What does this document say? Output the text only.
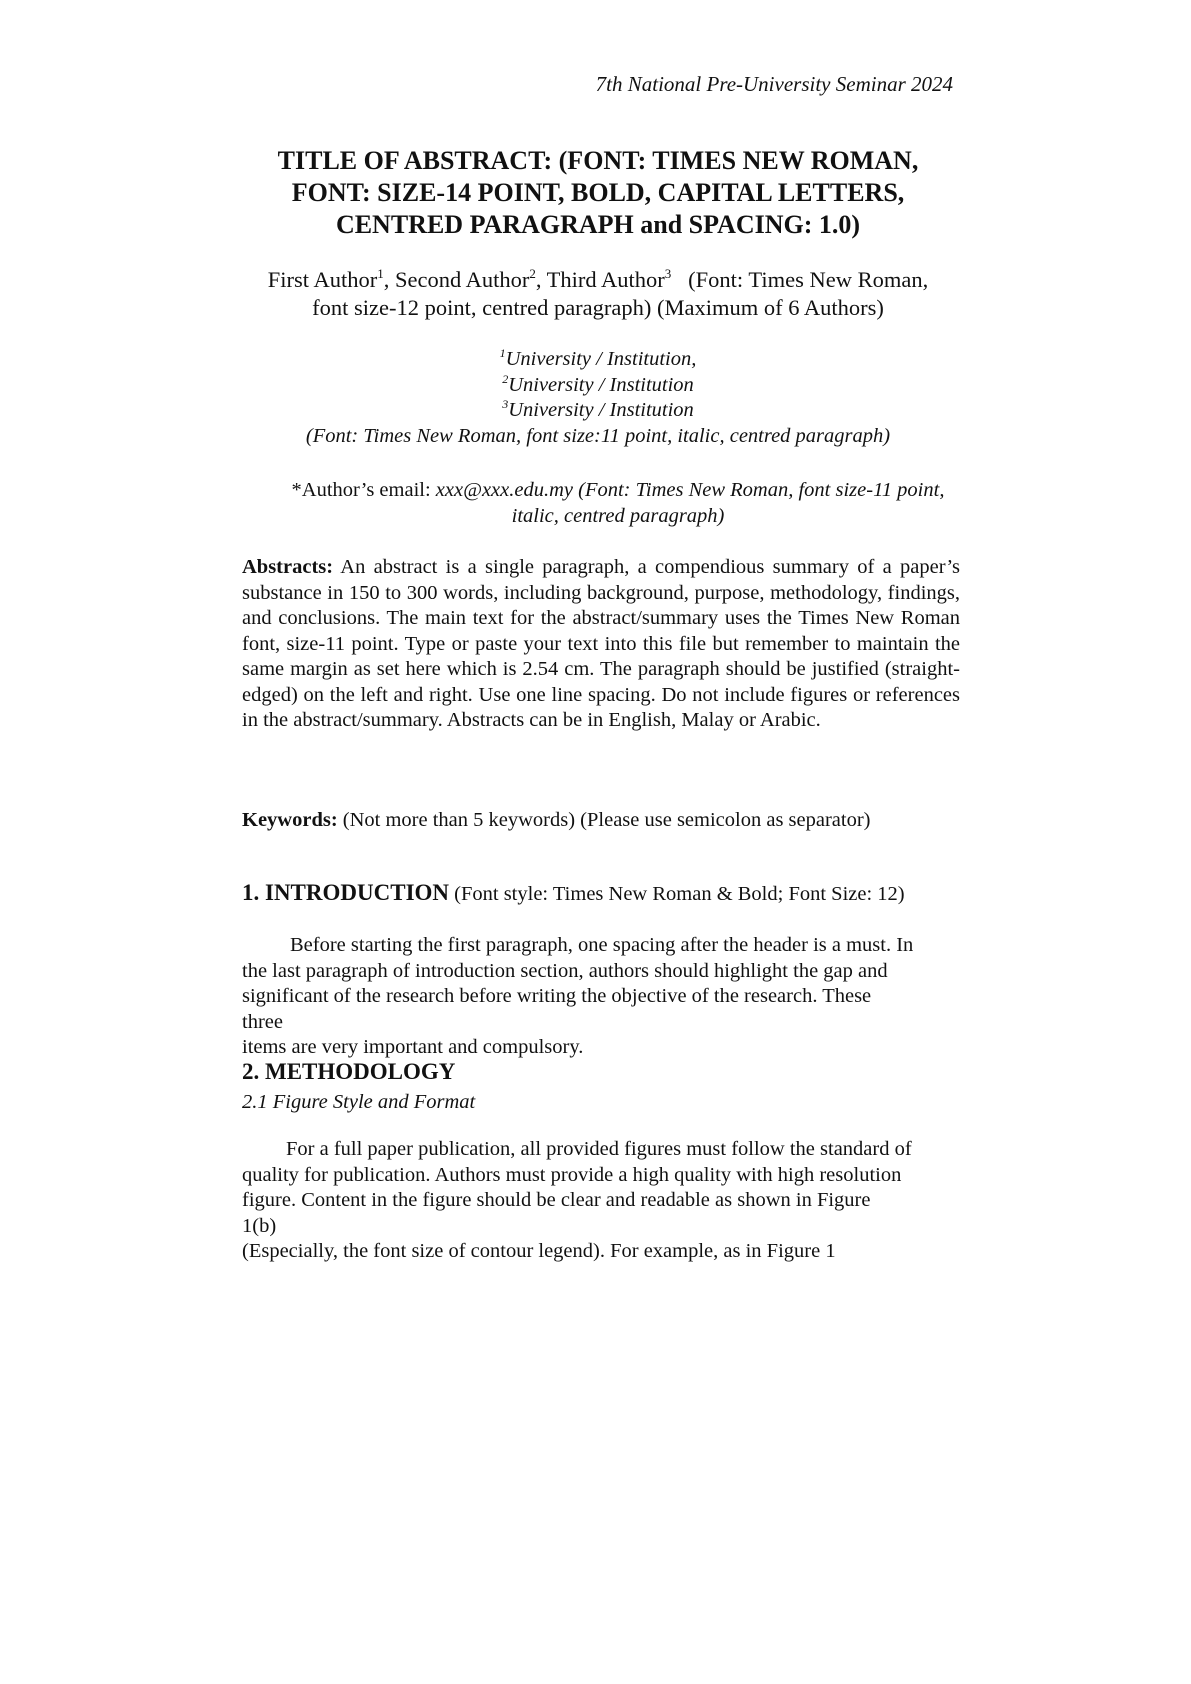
7th National Pre-University Seminar 2024
TITLE OF ABSTRACT: (FONT: TIMES NEW ROMAN,
FONT: SIZE-14 POINT, BOLD, CAPITAL LETTERS,
CENTRED PARAGRAPH and SPACING: 1.0)
First Author$^1$, Second Author$^2$, Third Author$^3$ (Font: Times New Roman,
font size-12 point, centred paragraph) (Maximum of 6 Authors)
$^1$University / Institution,
$^2$University / Institution
$^3$University / Institution
(Font: Times New Roman, font size:11 point, italic, centred paragraph)
*Author’s email: xxx@xxx.edu.my (Font: Times New Roman, font size-11 point,
italic, centred paragraph)
Abstracts: An abstract is a single paragraph, a compendious summary of a paper’s substance in 150 to 300 words, including background, purpose, methodology, findings, and conclusions. The main text for the abstract/summary uses the Times New Roman font, size-11 point. Type or paste your text into this file but remember to maintain the same margin as set here which is 2.54 cm. The paragraph should be justified (straight-edged) on the left and right. Use one line spacing. Do not include figures or references in the abstract/summary. Abstracts can be in English, Malay or Arabic.
Keywords: (Not more than 5 keywords) (Please use semicolon as separator)
1. INTRODUCTION (Font style: Times New Roman & Bold; Font Size: 12)
Before starting the first paragraph, one spacing after the header is a must. In
the last paragraph of introduction section, authors should highlight the gap and
significant of the research before writing the objective of the research. These
three
items are very important and compulsory.
2. METHODOLOGY
2.1 Figure Style and Format
For a full paper publication, all provided figures must follow the standard of
quality for publication. Authors must provide a high quality with high resolution
figure. Content in the figure should be clear and readable as shown in Figure
1(b)
(Especially, the font size of contour legend). For example, as in Figure 1
